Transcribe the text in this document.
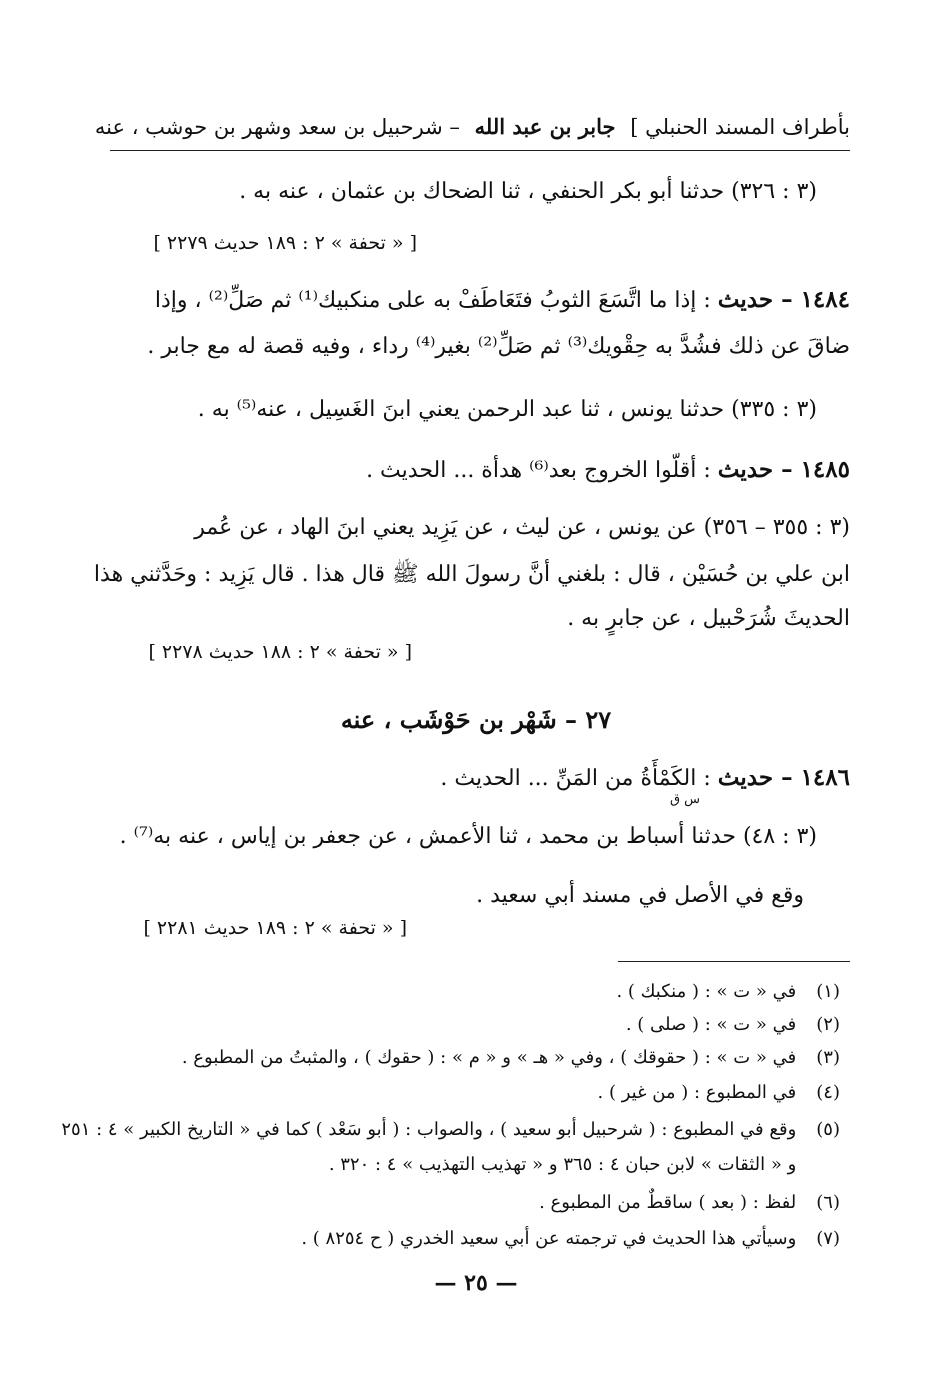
بأطراف المسند الحنبلي ] جابر بن عبد الله – شرحبيل بن سعد وشهر بن حوشب ، عنه
(٣ : ٣٢٦) حدثنا أبو بكر الحنفي ، ثنا الضحاك بن عثمان ، عنه به .
[ « تحفة » ٢ : ١٨٩ حديث ٢٢٧٩ ]
١٤٨٤ – حديث : إذا ما اتَّسَعَ الثوبُ فتَعَاطَفْ به على منكبيك⁽¹⁾ ثم صَلِّ⁽²⁾ ، وإذا
ضاقَ عن ذلك فشُدَّ به حِقْويك⁽³⁾ ثم صَلِّ⁽²⁾ بغير⁽⁴⁾ رداء ، وفيه قصة له مع جابر .
(٣ : ٣٣٥) حدثنا يونس ، ثنا عبد الرحمن يعني ابنَ الغَسِيل ، عنه⁽⁵⁾ به .
١٤٨٥ – حديث : أقلّوا الخروج بعد⁽⁶⁾ هدأة ... الحديث .
(٣ : ٣٥٥ – ٣٥٦) عن يونس ، عن ليث ، عن يَزِيد يعني ابنَ الهاد ، عن عُمر
ابن علي بن حُسَيْن ، قال : بلغني أنَّ رسولَ الله ﷺ قال هذا . قال يَزِيد : وحَدَّثني هذا
الحديثَ شُرَحْبيل ، عن جابرٍ به .
[ « تحفة » ٢ : ١٨٨ حديث ٢٢٧٨ ]
٢٧ – شَهْر بن حَوْشَب ، عنه
١٤٨٦ – حديث : الكَمْأَةُ من المَنِّ ... الحديث .
س ق
(٣ : ٤٨) حدثنا أسباط بن محمد ، ثنا الأعمش ، عن جعفر بن إياس ، عنه به⁽⁷⁾ .
وقع في الأصل في مسند أبي سعيد .
[ « تحفة » ٢ : ١٨٩ حديث ٢٢٨١ ]
(١) في « ت » : ( منكبك ) .
(٢) في « ت » : ( صلى ) .
(٣) في « ت » : ( حقوقك ) ، وفي « هـ » و « م » : ( حقوك ) ، والمثبتُ من المطبوع .
(٤) في المطبوع : ( من غير ) .
(٥) وقع في المطبوع : ( شرحبيل أبو سعيد ) ، والصواب : ( أبو سَعْد ) كما في « التاريخ الكبير » ٤ : ٢٥١
و « الثقات » لابن حبان ٤ : ٣٦٥ و « تهذيب التهذيب » ٤ : ٣٢٠ .
(٦) لفظ : ( بعد ) ساقطٌ من المطبوع .
(٧) وسيأتي هذا الحديث في ترجمته عن أبي سعيد الخدري ( ح ٨٢٥٤ ) .
— ٢٥ —
